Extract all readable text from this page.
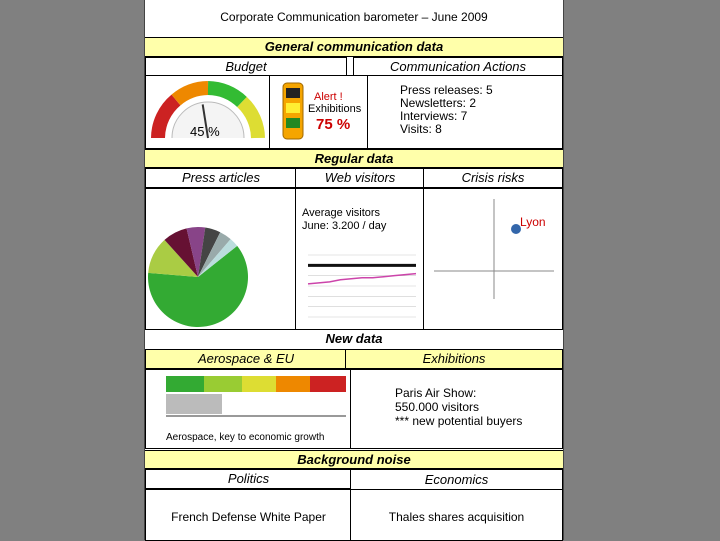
Corporate Communication barometer – June 2009
General communication data
Budget	Communication Actions
45 %
Alert !
Exhibitions
75 %
Press releases: 5
Newsletters: 2
Interviews: 7
Visits: 8
Regular data
Press articles	Web visitors	Crisis risks
Average visitors
June: 3.200 / day	Lyon
New data
Aerospace & EU	Exhibitions
Aerospace, key to economic growth
Paris Air Show:
550.000 visitors
*** new potential buyers
Background noise
Politics	Economics
French Defense White Paper	Thales shares acquisition
